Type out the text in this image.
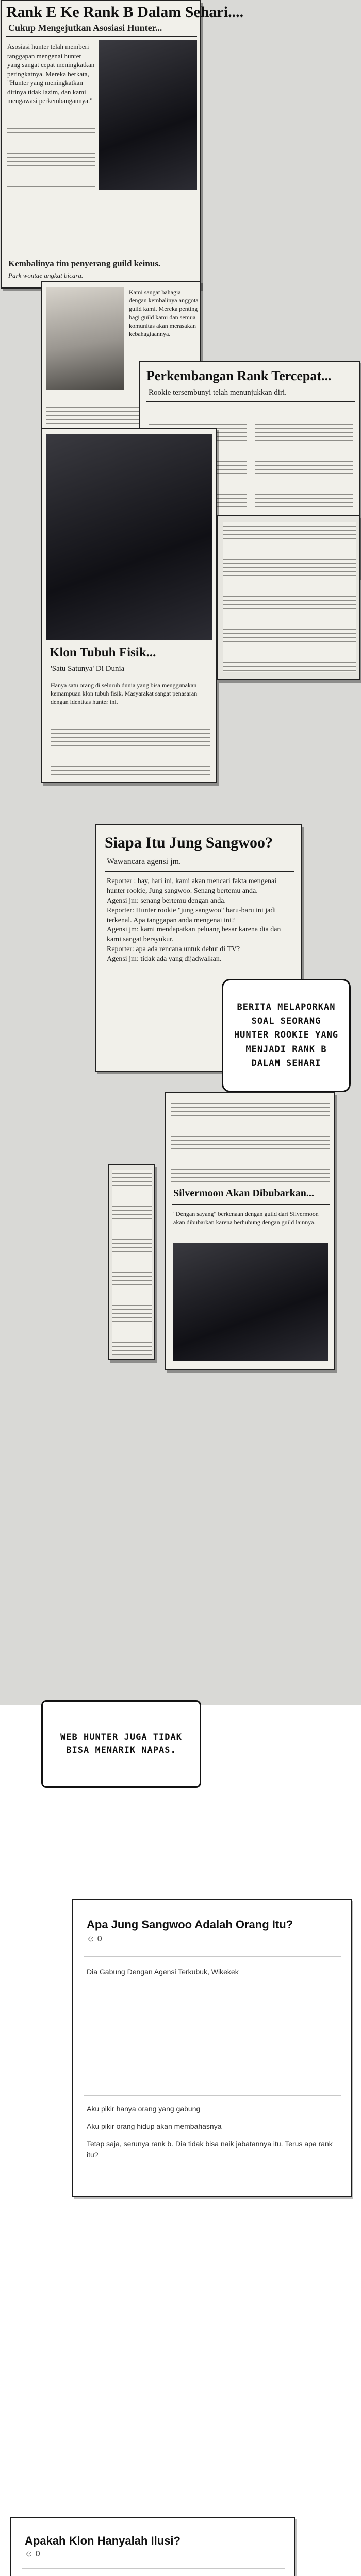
Rank E Ke Rank B Dalam Sehari....
Cukup Mengejutkan Asosiasi Hunter...
Asosiasi hunter telah memberi tanggapan mengenai hunter yang sangat cepat meningkatkan peringkatnya. Mereka berkata, "Hunter yang meningkatkan dirinya tidak lazim, dan kami mengawasi perkembangannya."
Kembalinya tim penyerang guild keinus.
Park wontae angkat bicara.
Kami sangat bahagia dengan kembalinya anggota guild kami. Mereka penting bagi guild kami dan semua komunitas akan merasakan kebahagiaannya.
Perkembangan Rank Tercepat...
Rookie tersembunyi telah menunjukkan diri.
Klon Tubuh Fisik...
'Satu Satunya' Di Dunia
Hanya satu orang di seluruh dunia yang bisa menggunakan kemampuan klon tubuh fisik. Masyarakat sangat penasaran dengan identitas hunter ini.
Siapa Itu Jung Sangwoo?
Wawancara agensi jm.
Reporter : hay, hari ini, kami akan mencari fakta mengenai hunter rookie, Jung sangwoo. Senang bertemu anda.
Agensi jm: senang bertemu dengan anda.
Reporter: Hunter rookie "jung sangwoo" baru-baru ini jadi terkenal. Apa tanggapan anda mengenai ini?
Agensi jm: kami mendapatkan peluang besar karena dia dan kami sangat bersyukur.
Reporter: apa ada rencana untuk debut di TV?
Agensi jm: tidak ada yang dijadwalkan.
BERITA MELAPORKAN SOAL SEORANG HUNTER ROOKIE YANG MENJADI RANK B DALAM SEHARI
Silvermoon Akan Dibubarkan...
"Dengan sayang" berkenaan dengan guild dari Silvermoon akan dibubarkan karena berhubung dengan guild lainnya.
WEB HUNTER JUGA TIDAK BISA MENARIK NAPAS.
Apa Jung Sangwoo Adalah Orang Itu?
☺ 0
Dia Gabung Dengan Agensi Terkubuk, Wikekek
Aku pikir hanya orang yang gabung
Aku pikir orang hidup akan membahasnya
Tetap saja, serunya rank b. Dia tidak bisa naik jabatannya itu. Terus apa rank itu?
Apakah Klon Hanyalah Ilusi?
☺ 0
